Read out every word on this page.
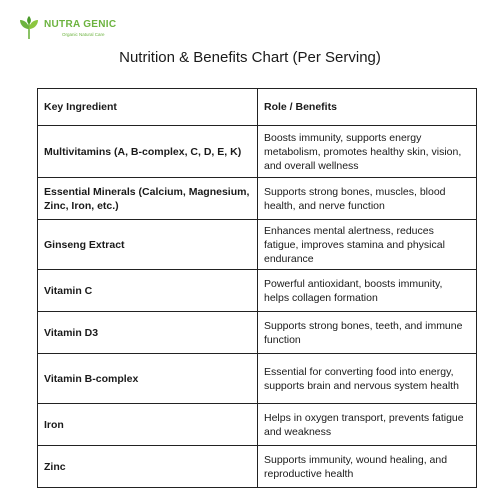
NUTRA GENIC
Organic Natural Care
Nutrition & Benefits Chart (Per Serving)
Key Ingredient	Role / Benefits
Multivitamins (A, B-complex, C, D, E, K)	Boosts immunity, supports energy metabolism, promotes healthy skin, vision, and overall wellness
Essential Minerals (Calcium, Magnesium, Zinc, Iron, etc.)	Supports strong bones, muscles, blood health, and nerve function
Ginseng Extract	Enhances mental alertness, reduces fatigue, improves stamina and physical endurance
Vitamin C	Powerful antioxidant, boosts immunity, helps collagen formation
Vitamin D3	Supports strong bones, teeth, and immune function
Vitamin B-complex	Essential for converting food into energy, supports brain and nervous system health
Iron	Helps in oxygen transport, prevents fatigue and weakness
Zinc	Supports immunity, wound healing, and reproductive health
